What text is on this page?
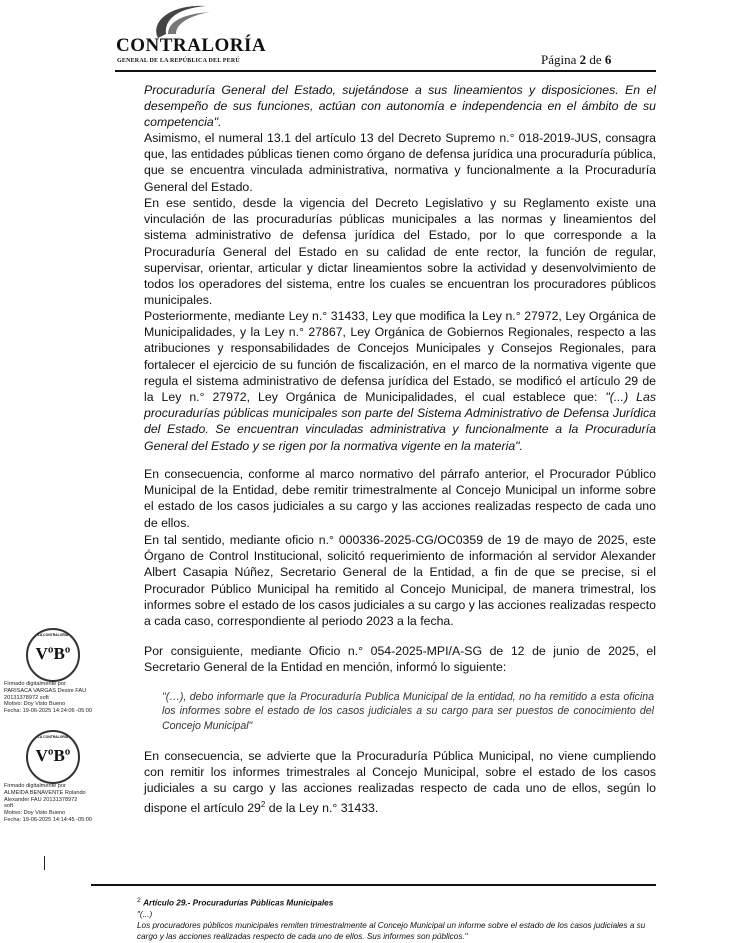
CONTRALORÍA
GENERAL DE LA REPÚBLICA DEL PERÚ	Página 2 de 6

Procuraduría General del Estado, sujetándose a sus lineamientos y disposiciones. En el desempeño de sus funciones, actúan con autonomía e independencia en el ámbito de su competencia".

Asimismo, el numeral 13.1 del artículo 13 del Decreto Supremo n.° 018-2019-JUS, consagra que, las entidades públicas tienen como órgano de defensa jurídica una procuraduría pública, que se encuentra vinculada administrativa, normativa y funcionalmente a la Procuraduría General del Estado.

En ese sentido, desde la vigencia del Decreto Legislativo y su Reglamento existe una vinculación de las procuradurías públicas municipales a las normas y lineamientos del sistema administrativo de defensa jurídica del Estado, por lo que corresponde a la Procuraduría General del Estado en su calidad de ente rector, la función de regular, supervisar, orientar, articular y dictar lineamientos sobre la actividad y desenvolvimiento de todos los operadores del sistema, entre los cuales se encuentran los procuradores públicos municipales.

Posteriormente, mediante Ley n.° 31433, Ley que modifica la Ley n.° 27972, Ley Orgánica de Municipalidades, y la Ley n.° 27867, Ley Orgánica de Gobiernos Regionales, respecto a las atribuciones y responsabilidades de Concejos Municipales y Consejos Regionales, para fortalecer el ejercicio de su función de fiscalización, en el marco de la normativa vigente que regula el sistema administrativo de defensa jurídica del Estado, se modificó el artículo 29 de la Ley n.° 27972, Ley Orgánica de Municipalidades, el cual establece que: "(...) Las procuradurías públicas municipales son parte del Sistema Administrativo de Defensa Jurídica del Estado. Se encuentran vinculadas administrativa y funcionalmente a la Procuraduría General del Estado y se rigen por la normativa vigente en la materia".

En consecuencia, conforme al marco normativo del párrafo anterior, el Procurador Público Municipal de la Entidad, debe remitir trimestralmente al Concejo Municipal un informe sobre el estado de los casos judiciales a su cargo y las acciones realizadas respecto de cada uno de ellos.

En tal sentido, mediante oficio n.° 000336-2025-CG/OC0359 de 19 de mayo de 2025, este Órgano de Control Institucional, solicitó requerimiento de información al servidor Alexander Albert Casapia Núñez, Secretario General de la Entidad, a fin de que se precise, si el Procurador Público Municipal ha remitido al Concejo Municipal, de manera trimestral, los informes sobre el estado de los casos judiciales a su cargo y las acciones realizadas respecto a cada caso, correspondiente al periodo 2023 a la fecha.

Por consiguiente, mediante Oficio n.° 054-2025-MPI/A-SG de 12 de junio de 2025, el Secretario General de la Entidad en mención, informó lo siguiente:

"(…), debo informarle que la Procuraduría Publica Municipal de la entidad, no ha remitido a esta oficina los informes sobre el estado de los casos judiciales a su cargo para ser puestos de conocimiento del Concejo Municipal"

En consecuencia, se advierte que la Procuraduría Pública Municipal, no viene cumpliendo con remitir los informes trimestrales al Concejo Municipal, sobre el estado de los casos judiciales a su cargo y las acciones realizadas respecto de cada uno de ellos, según lo dispone el artículo $29^2$ de la Ley n.° 31433.

LA CONTRALORÍA
VºBº
Firmado digitalmente por
PARISACA VARGAS Desire FAU
20131378972 soft
Motivo: Doy Visto Bueno
Fecha: 19-06-2025 14:24:06 -05:00
LA CONTRALORÍA
VºBº
Firmado digitalmente por
ALMEIDA BENAVENTE Rolando
Alexander FAU 20131378972
soft
Motivo: Doy Visto Bueno
Fecha: 19-06-2025 14:14:45 -05:00
$^2$ Artículo 29.- Procuradurías Públicas Municipales
"(...)
Los procuradores públicos municipales remiten trimestralmente al Concejo Municipal un informe sobre el estado de los casos judiciales a su cargo y las acciones realizadas respecto de cada uno de ellos. Sus informes son públicos."
